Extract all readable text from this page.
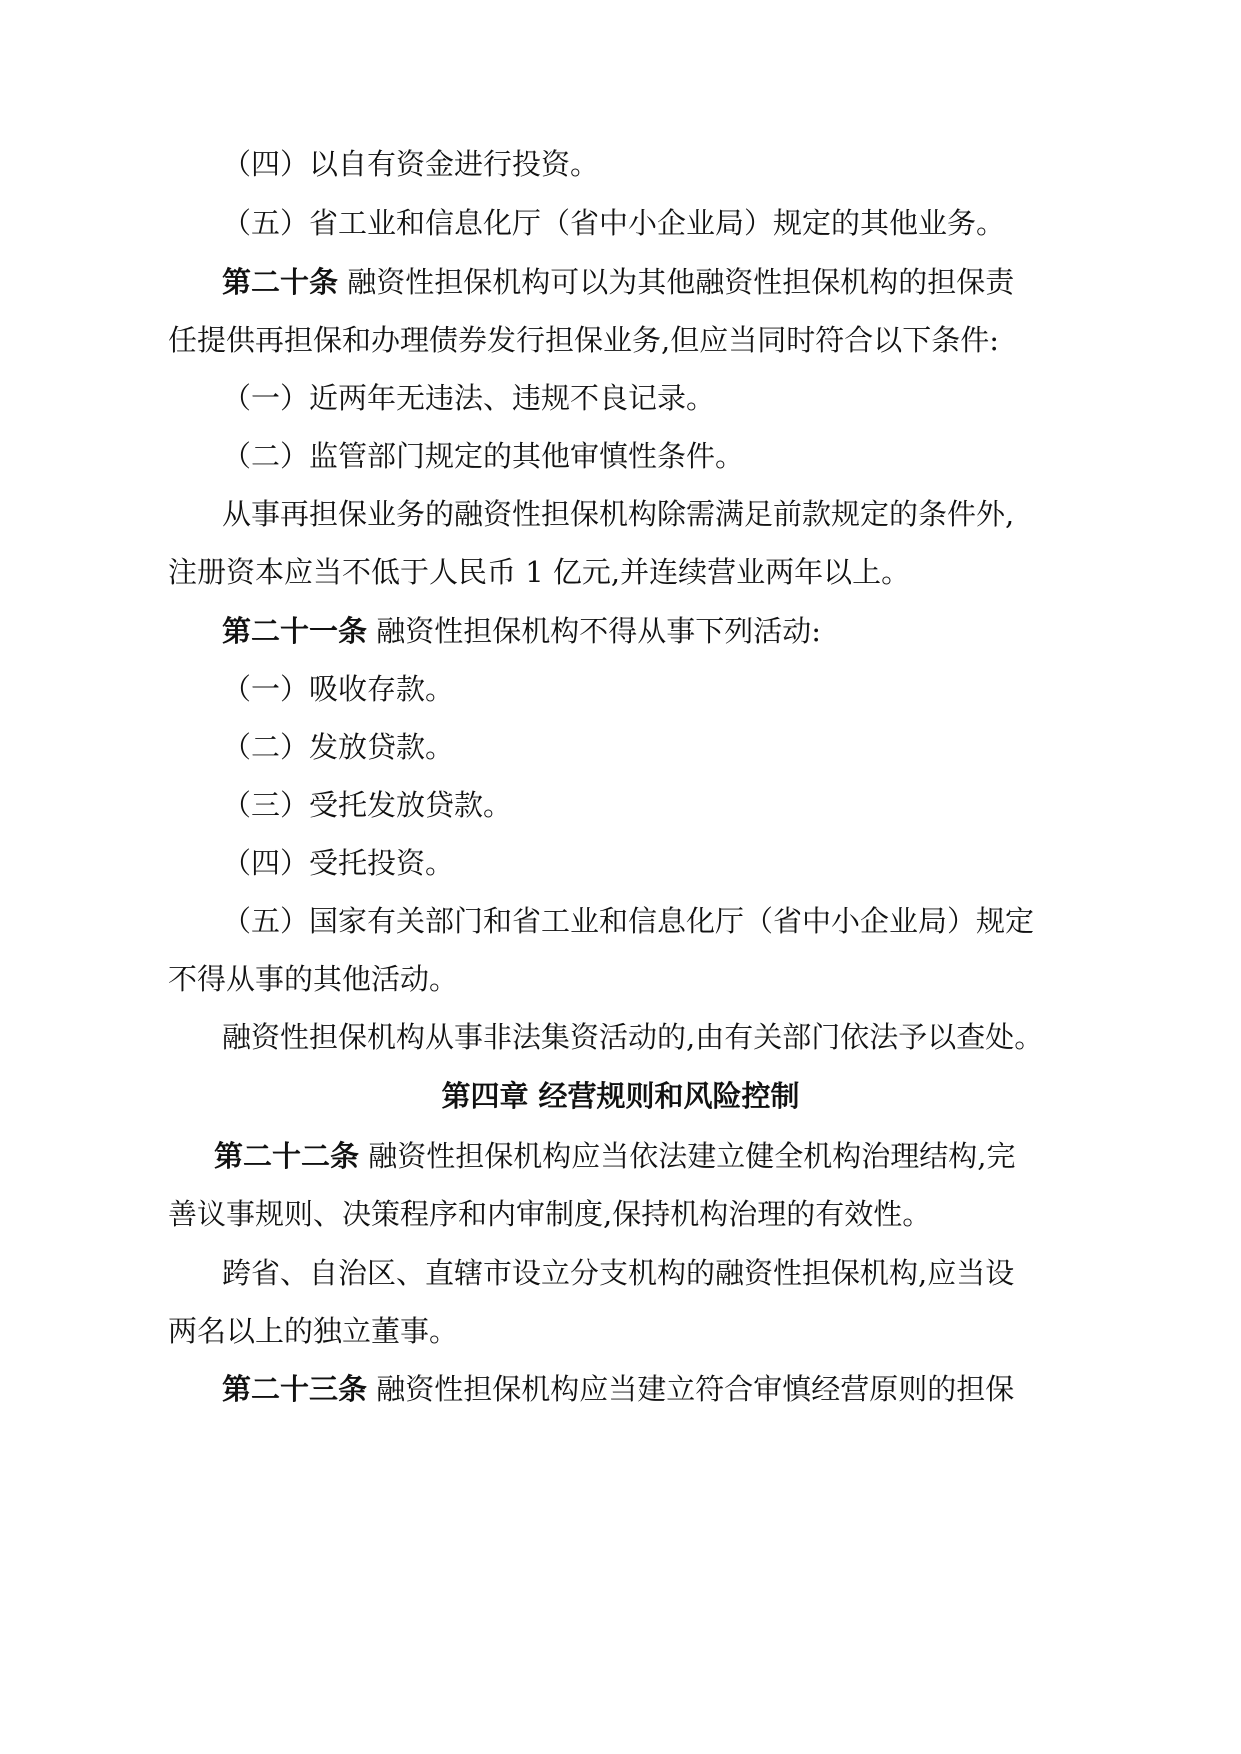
（四）以自有资金进行投资。
（五）省工业和信息化厅（省中小企业局）规定的其他业务。
第二十条 融资性担保机构可以为其他融资性担保机构的担保责
任提供再担保和办理债券发行担保业务,但应当同时符合以下条件:
（一）近两年无违法、违规不良记录。
（二）监管部门规定的其他审慎性条件。
从事再担保业务的融资性担保机构除需满足前款规定的条件外,
注册资本应当不低于人民币 1 亿元,并连续营业两年以上。
第二十一条 融资性担保机构不得从事下列活动:
（一）吸收存款。
（二）发放贷款。
（三）受托发放贷款。
（四）受托投资。
（五）国家有关部门和省工业和信息化厅（省中小企业局）规定
不得从事的其他活动。
融资性担保机构从事非法集资活动的,由有关部门依法予以查处。
第四章 经营规则和风险控制
第二十二条 融资性担保机构应当依法建立健全机构治理结构,完
善议事规则、决策程序和内审制度,保持机构治理的有效性。
跨省、自治区、直辖市设立分支机构的融资性担保机构,应当设
两名以上的独立董事。
第二十三条 融资性担保机构应当建立符合审慎经营原则的担保
